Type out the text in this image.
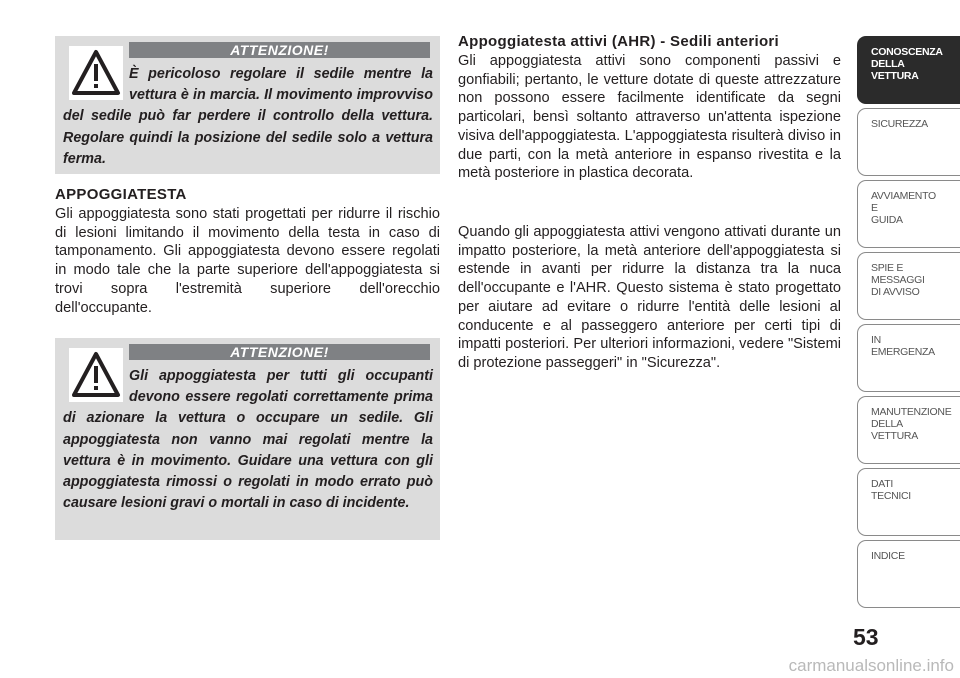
ATTENZIONE!

È pericoloso regolare il sedile mentre la vettura è in marcia. Il movimento improvviso del sedile può far perdere il controllo della vettura. Regolare quindi la posizione del sedile solo a vettura ferma.

APPOGGIATESTA

Gli appoggiatesta sono stati progettati per ridurre il rischio di lesioni limitando il movimento della testa in caso di tamponamento. Gli appoggiatesta devono essere regolati in modo tale che la parte superiore dell'appoggiatesta si trovi sopra l'estremità superiore dell'orecchio dell'occupante.

ATTENZIONE!

Gli appoggiatesta per tutti gli occupanti devono essere regolati correttamente prima di azionare la vettura o occupare un sedile. Gli appoggiatesta non vanno mai regolati mentre la vettura è in movimento. Guidare una vettura con gli appoggiatesta rimossi o regolati in modo errato può causare lesioni gravi o mortali in caso di incidente.

Appoggiatesta attivi (AHR) - Sedili anteriori

Gli appoggiatesta attivi sono componenti passivi e gonfiabili; pertanto, le vetture dotate di queste attrezzature non possono essere facilmente identificate da segni particolari, bensì soltanto attraverso un'attenta ispezione visiva dell'appoggiatesta. L'appoggiatesta risulterà diviso in due parti, con la metà anteriore in espanso rivestita e la metà posteriore in plastica decorata.

Quando gli appoggiatesta attivi vengono attivati durante un impatto posteriore, la metà anteriore dell'appoggiatesta si estende in avanti per ridurre la distanza tra la nuca dell'occupante e l'AHR. Questo sistema è stato progettato per aiutare ad evitare o ridurre l'entità delle lesioni al conducente e al passeggero anteriore per certi tipi di impatti posteriori. Per ulteriori informazioni, vedere "Sistemi di protezione passeggeri" in "Sicurezza".

CONOSCENZA
DELLA
VETTURA
SICUREZZA
AVVIAMENTO
E
GUIDA
SPIE E
MESSAGGI
DI AVVISO
IN
EMERGENZA
MANUTENZIONE
DELLA
VETTURA
DATI
TECNICI
INDICE
53
carmanualsonline.info
